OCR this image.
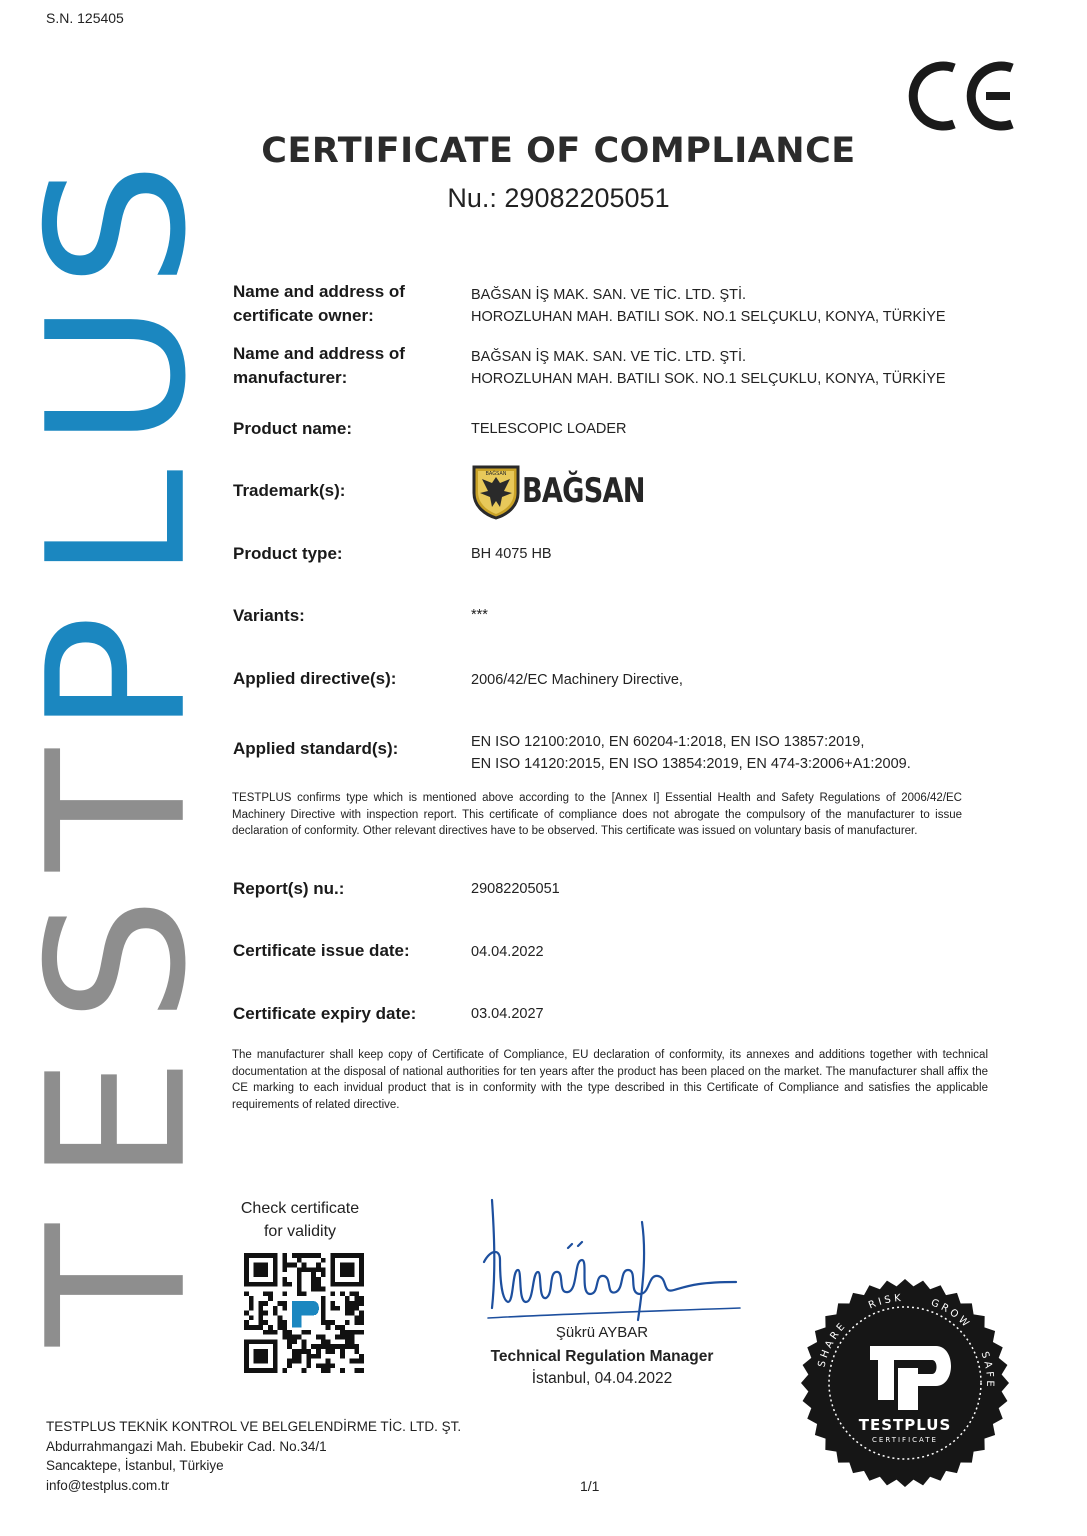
S.N. 125405
CERTIFICATE OF COMPLIANCE
Nu.: 29082205051
T
E
S
T
P
L
U
S
Name and address of
certificate owner:
BAĞSAN İŞ MAK. SAN. VE TİC. LTD. ŞTİ.
HOROZLUHAN MAH. BATILI SOK. NO.1 SELÇUKLU, KONYA, TÜRKİYE
Name and address of
manufacturer:
BAĞSAN İŞ MAK. SAN. VE TİC. LTD. ŞTİ.
HOROZLUHAN MAH. BATILI SOK. NO.1 SELÇUKLU, KONYA, TÜRKİYE
Product name:	TELESCOPIC LOADER
Trademark(s):
BAĞSAN BAĞSAN
Product type:	BH 4075 HB
Variants:	***
Applied directive(s):	2006/42/EC Machinery Directive,
Applied standard(s):	EN ISO 12100:2010, EN 60204-1:2018, EN ISO 13857:2019,
EN ISO 14120:2015, EN ISO 13854:2019, EN 474-3:2006+A1:2009.
TESTPLUS confirms type which is mentioned above according to the [Annex I] Essential Health and Safety Regulations of 2006/42/EC Machinery Directive with inspection report. This certificate of compliance does not abrogate the compulsory of the manufacturer to issue declaration of conformity. Other relevant directives have to be observed. This certificate was issued on voluntary basis of manufacturer.
Report(s) nu.:	29082205051
Certificate issue date:	04.04.2022
Certificate expiry date:	03.04.2027
The manufacturer shall keep copy of Certificate of Compliance, EU declaration of conformity, its annexes and additions together with technical documentation at the disposal of national authorities for ten years after the product has been placed on the market. The manufacturer shall affix the CE marking to each invidual product that is in conformity with the type described in this Certificate of Compliance and satisfies the applicable requirements of related directive.
Check certificate
for validity
Şükrü AYBAR
Technical Regulation Manager
İstanbul, 04.04.2022
SHARE
RISK	GROW
SAFE
TESTPLUS
CERTIFICATE
TESTPLUS TEKNİK KONTROL VE BELGELENDİRME TİC. LTD. ŞT.
Abdurrahmangazi Mah. Ebubekir Cad. No.34/1
Sancaktepe, İstanbul, Türkiye
info@testplus.com.tr	1/1
